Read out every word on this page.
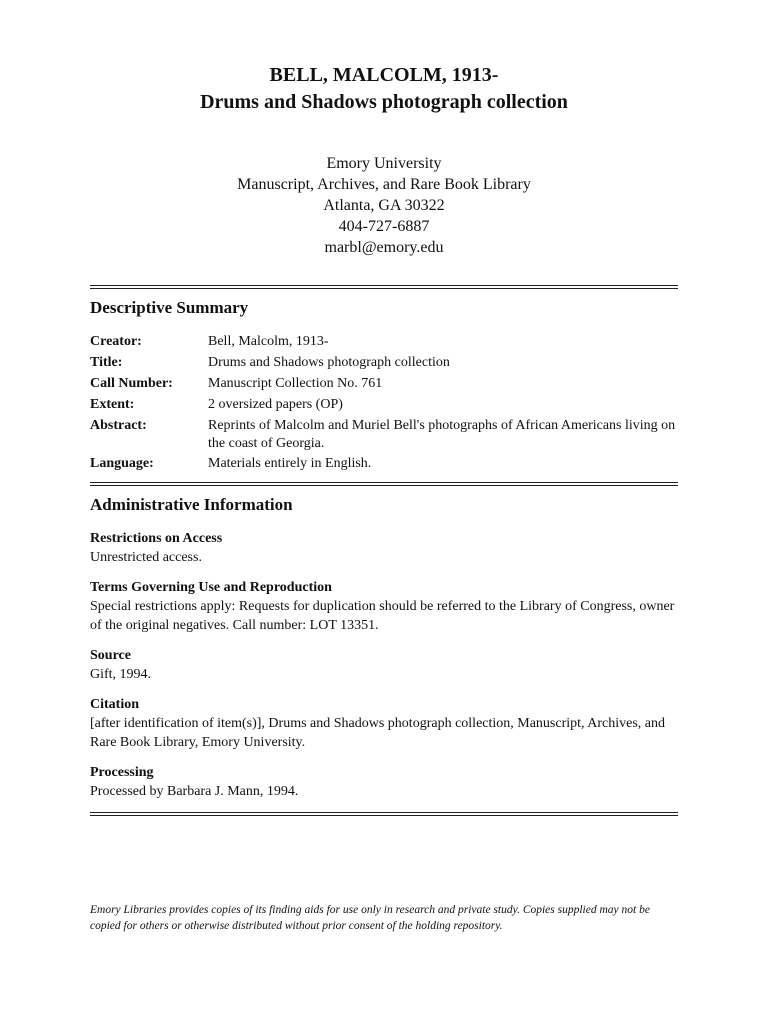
BELL, MALCOLM, 1913-
Drums and Shadows photograph collection
Emory University
Manuscript, Archives, and Rare Book Library
Atlanta, GA 30322
404-727-6887
marbl@emory.edu
Descriptive Summary
Creator:	Bell, Malcolm, 1913-
Title:	Drums and Shadows photograph collection
Call Number:	Manuscript Collection No. 761
Extent:	2 oversized papers (OP)
Abstract:	Reprints of Malcolm and Muriel Bell's photographs of African Americans living on the coast of Georgia.
Language:	Materials entirely in English.
Administrative Information
Restrictions on Access
Unrestricted access.
Terms Governing Use and Reproduction
Special restrictions apply: Requests for duplication should be referred to the Library of Congress, owner of the original negatives. Call number: LOT 13351.
Source
Gift, 1994.
Citation
[after identification of item(s)], Drums and Shadows photograph collection, Manuscript, Archives, and Rare Book Library, Emory University.
Processing
Processed by Barbara J. Mann, 1994.
Emory Libraries provides copies of its finding aids for use only in research and private study. Copies supplied may not be copied for others or otherwise distributed without prior consent of the holding repository.
